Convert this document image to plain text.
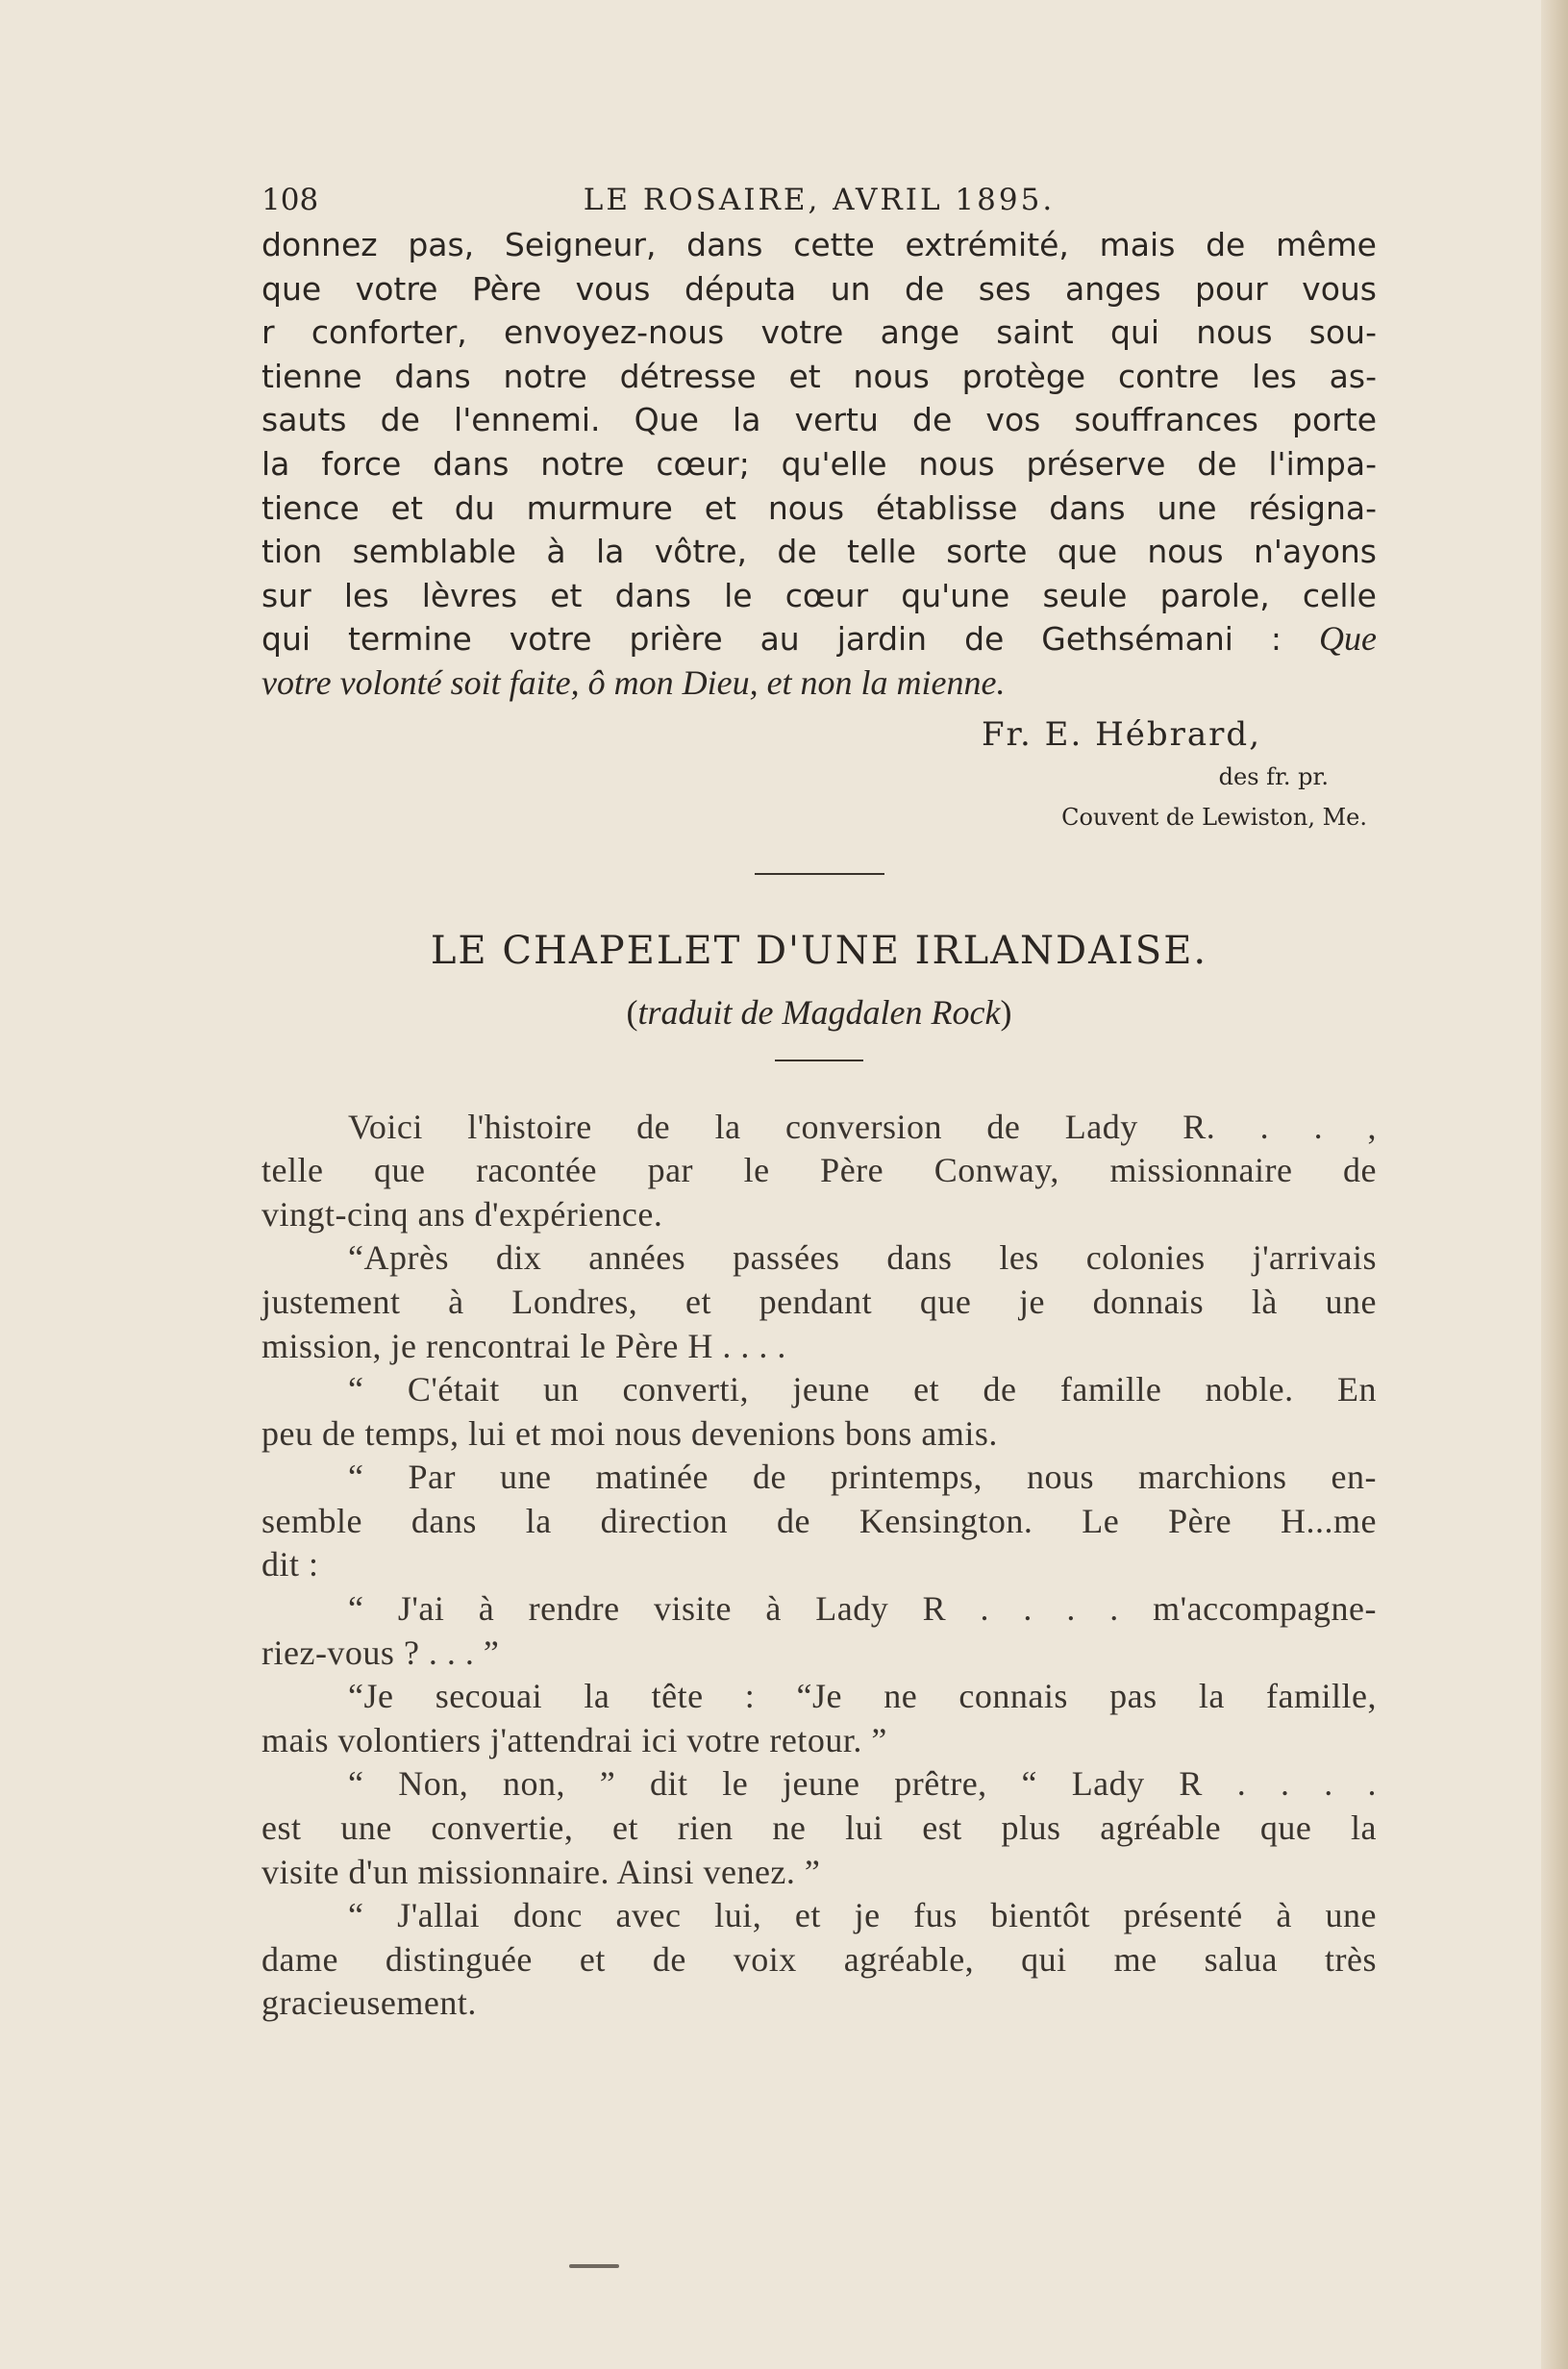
108	LE ROSAIRE, AVRIL 1895.

donnez pas, Seigneur, dans cette extrémité, mais de même

que votre Père vous députa un de ses anges pour vous

r conforter, envoyez-nous votre ange saint qui nous sou-

tienne dans notre détresse et nous protège contre les as-

sauts de l'ennemi. Que la vertu de vos souffrances porte

la force dans notre cœur; qu'elle nous préserve de l'impa-

tience et du murmure et nous établisse dans une résigna-

tion semblable à la vôtre, de telle sorte que nous n'ayons

sur les lèvres et dans le cœur qu'une seule parole, celle

qui termine votre prière au jardin de Gethsémani : Que

votre volonté soit faite, ô mon Dieu, et non la mienne.

Fr. E. Hébrard,
des fr. pr.
Couvent de Lewiston, Me.
LE CHAPELET D'UNE IRLANDAISE.
(traduit de Magdalen Rock)

Voici l'histoire de la conversion de Lady R. . . ,

telle que racontée par le Père Conway, missionnaire de

vingt-cinq ans d'expérience.

“Après dix années passées dans les colonies j'arrivais

justement à Londres, et pendant que je donnais là une

mission, je rencontrai le Père H . . . .

“ C'était un converti, jeune et de famille noble. En

peu de temps, lui et moi nous devenions bons amis.

“ Par une matinée de printemps, nous marchions en-

semble dans la direction de Kensington. Le Père H...me

dit :

“ J'ai à rendre visite à Lady R . . . . m'accompagne-

riez-vous ? . . . ”

“Je secouai la tête : “Je ne connais pas la famille,

mais volontiers j'attendrai ici votre retour. ”

“ Non, non, ” dit le jeune prêtre, “ Lady R . . . .

est une convertie, et rien ne lui est plus agréable que la

visite d'un missionnaire. Ainsi venez. ”

“ J'allai donc avec lui, et je fus bientôt présenté à une

dame distinguée et de voix agréable, qui me salua très

gracieusement.
